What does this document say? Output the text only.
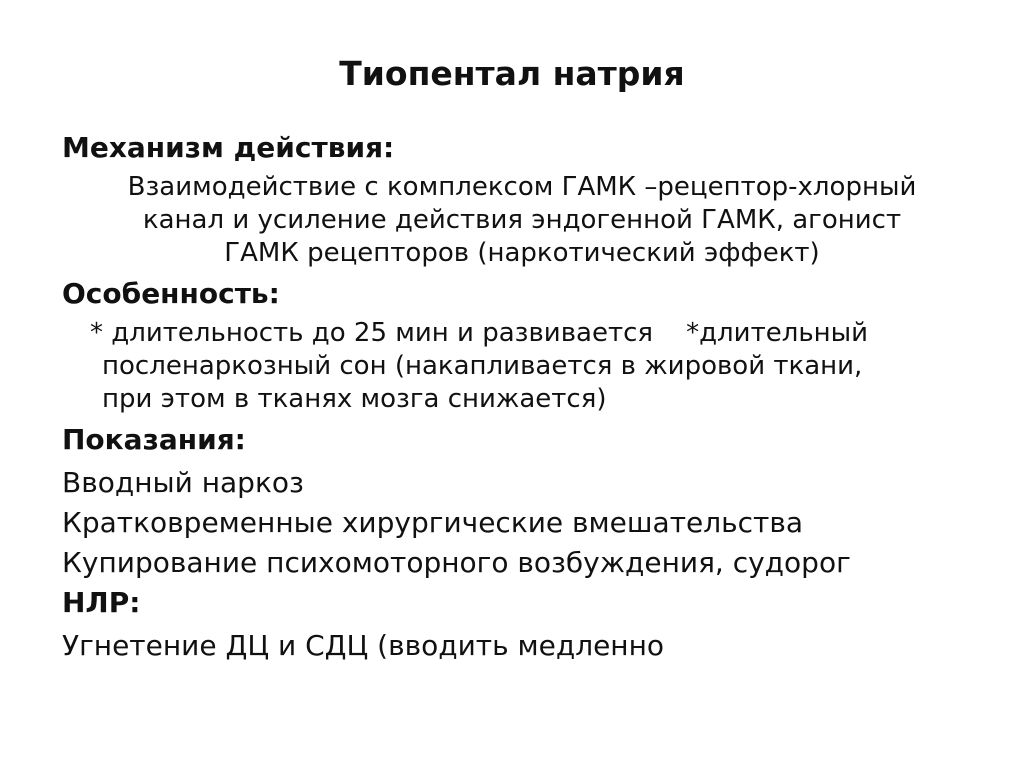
Тиопентал натрия
Механизм действия:
Взаимодействие с комплексом ГАМК –рецептор-хлорный
канал и усиление действия эндогенной ГАМК, агонист
ГАМК рецепторов (наркотический эффект)
Особенность:
* длительность до 25 мин и развивается    *длительный
посленаркозный сон (накапливается в жировой ткани,
при этом в тканях мозга снижается)
Показания:
Вводный наркоз
Кратковременные хирургические вмешательства
Купирование психомоторного возбуждения, судорог
НЛР:
Угнетение ДЦ и СДЦ (вводить медленно
